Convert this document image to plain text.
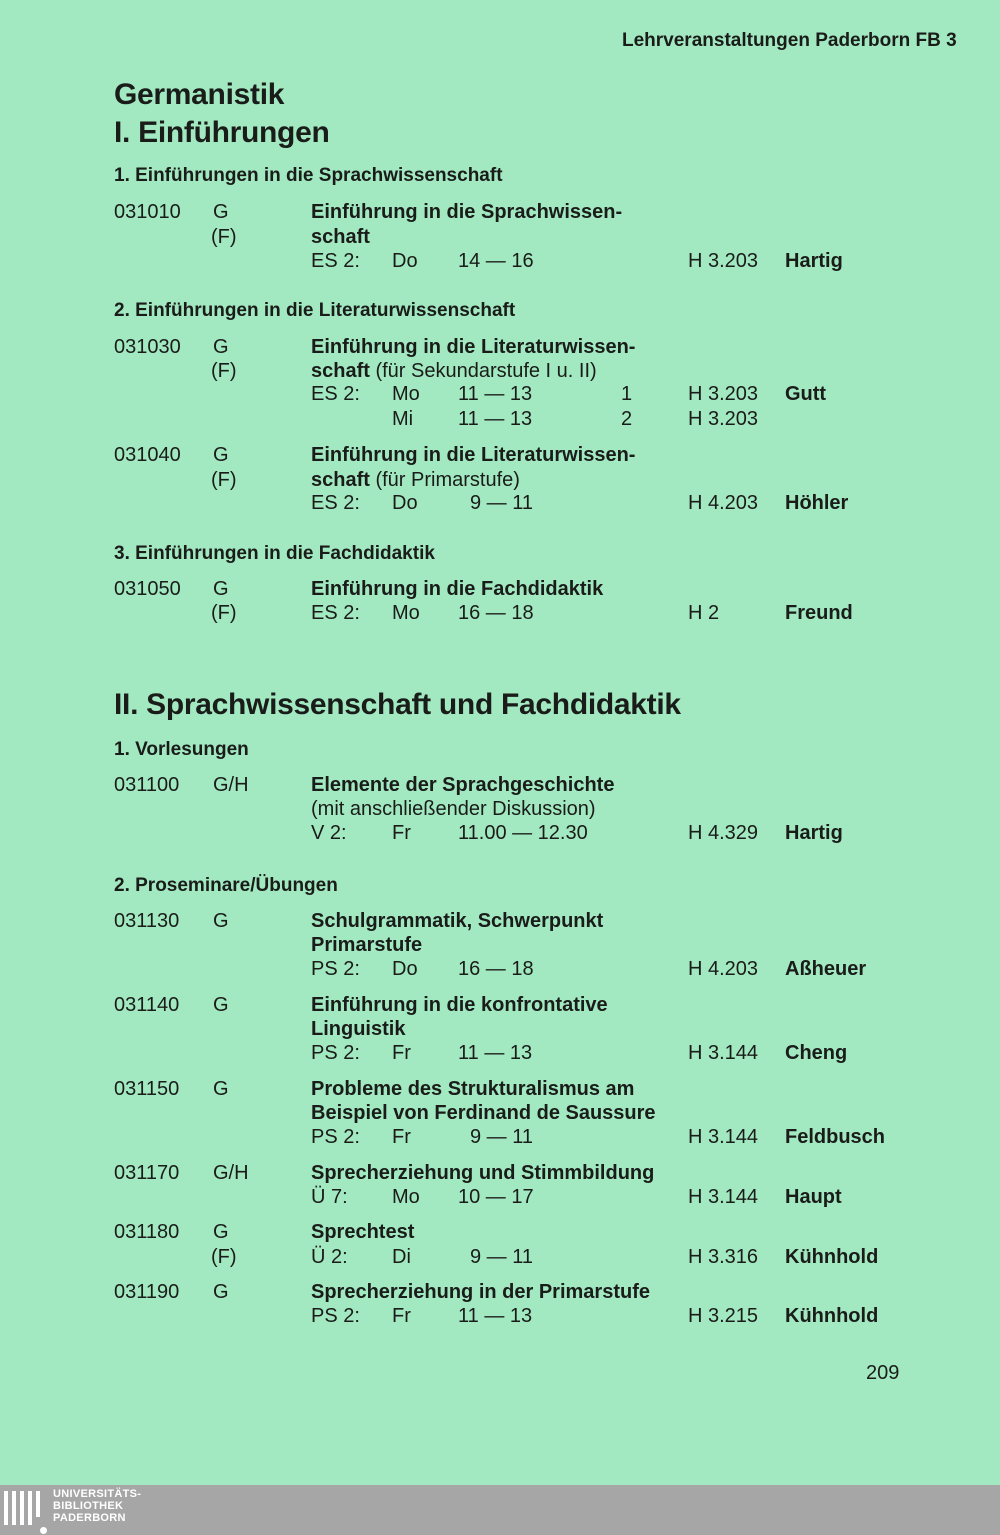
Lehrveranstaltungen Paderborn FB 3
Germanistik
I. Einführungen
1. Einführungen in die Sprachwissenschaft
031010 G
(F)
Einführung in die Sprachwissen-
schaft
ES 2: Do 14 — 16	H 3.203 Hartig
2. Einführungen in die Literaturwissenschaft
031030 G
(F)
Einführung in die Literaturwissen-
schaft (für Sekundarstufe I u. II)
ES 2: Mo 11 — 13	1	H 3.203 Gutt
Mi 11 — 13	2	H 3.203
031040 G
(F)
Einführung in die Literaturwissen-
schaft (für Primarstufe)
ES 2: Do	9 — 11	H 4.203 Höhler
3. Einführungen in die Fachdidaktik
031050 G
(F)
Einführung in die Fachdidaktik
ES 2: Mo 16 — 18	H 2	Freund
II. Sprachwissenschaft und Fachdidaktik
1. Vorlesungen
031100 G/H	Elemente der Sprachgeschichte
(mit anschließender Diskussion)
V 2: Fr 11.00 — 12.30	H 4.329 Hartig
2. Proseminare/Übungen
031130 G	Schulgrammatik, Schwerpunkt
Primarstufe
PS 2: Do 16 — 18	H 4.203 Aßheuer
031140 G	Einführung in die konfrontative
Linguistik
PS 2: Fr 11 — 13	H 3.144 Cheng
031150 G	Probleme des Strukturalismus am
Beispiel von Ferdinand de Saussure
PS 2: Fr	9 — 11	H 3.144 Feldbusch
031170 G/H	Sprecherziehung und Stimmbildung
Ü 7: Mo 10 — 17	H 3.144 Haupt
031180 G
(F)
Sprechtest
Ü 2: Di	9 — 11	H 3.316 Kühnhold
031190 G	Sprecherziehung in der Primarstufe
PS 2: Fr 11 — 13	H 3.215 Kühnhold
209
UNIVERSITÄTS-
BIBLIOTHEK
PADERBORN
